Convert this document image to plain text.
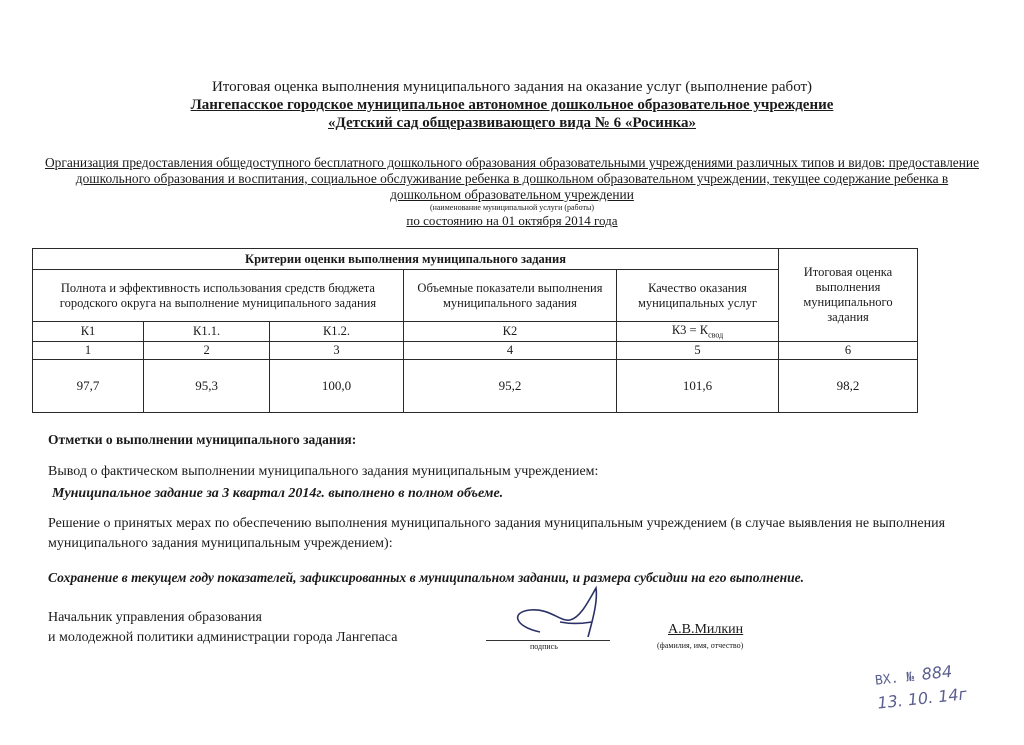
Итоговая оценка выполнения муниципального задания на оказание услуг (выполнение работ)
Лангепасское городское муниципальное автономное дошкольное образовательное учреждение
«Детский сад общеразвивающего вида № 6 «Росинка»
Организация предоставления общедоступного бесплатного дошкольного образования образовательными учреждениями различных типов и видов: предоставление дошкольного образования и воспитания, социальное обслуживание ребенка в дошкольном образовательном учреждении, текущее содержание ребенка в дошкольном образовательном учреждении
(наименование муниципальной услуги (работы)
по состоянию на 01 октября 2014 года
Критерии оценки выполнения муниципального задания					Итоговая оценка выполнения муниципального задания
Полнота и эффективность использования средств бюджета городского округа на выполнение муниципального задания			Объемные показатели выполнения муниципального задания	Качество оказания муниципальных услуг	
К1	К1.1.	К1.2.	К2	$К3 = К_{свод}$
1	2	3	4	5	6
97,7	95,3	100,0	95,2	101,6	98,2
Отметки о выполнении муниципального задания:
Вывод о фактическом выполнении муниципального задания муниципальным учреждением:
Муниципальное задание за 3 квартал 2014г. выполнено в полном объеме.
Решение о принятых мерах по обеспечению выполнения муниципального задания муниципальным учреждением (в случае выявления не выполнения муниципального задания муниципальным учреждением):
Сохранение в текущем году показателей, зафиксированных в муниципальном задании, и размера субсидии на его выполнение.
Начальник управления образования
и молодежной политики администрации города Лангепаса
подпись
А.В.Милкин
(фамилия, имя, отчество)
ВХ. № 884
13. 10. 14г
